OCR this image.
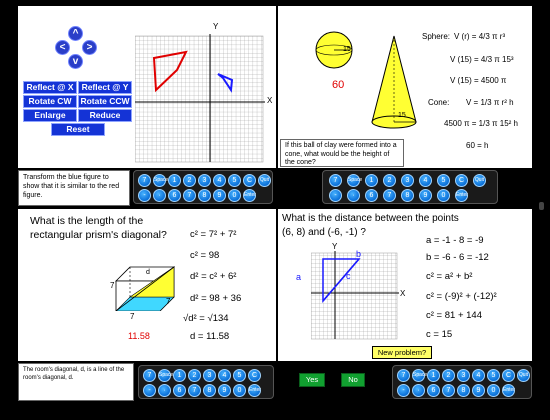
^
<	>
v
Reflect @ X Reflect @ Y
Rotate CW	Rotate CCW
Enlarge	Reduce
Reset
X
Y
15
60
15
Sphere: V (r) = 4/3 π r³
V (15) = 4/3 π 15³
V (15) = 4500 π
Cone: V = 1/3 π r² h
4500 π = 1/3 π 15² h
60 = h
If this ball of clay were formed into a cone, what would be the height of the cone?
Transform the blue figure to show that it is similar to the red figure.
7	Space 1	2	3	4	5	C	Quit
-	·	6	7	8	9	0	Enter
7	Space	1	2	3	4	5	C	Quit
-	·	6	7	8	9	0	Enter
What is the length of the
rectangular prism's diagonal?
d
7
7
7
11.58
c² = 7² + 7²
c² = 98
d² = c² + 6²
d² = 98 + 36
√d² = √134
d = 11.58
What is the distance between the points
(6, 8) and (-6, -1) ?
a
b
c
X
Y
a = -1 - 8 = -9
b = -6 - 6 = -12
c² = a² + b²
c² = (-9)² + (-12)²
c² = 81 + 144
c = 15
New problem?
The room's diagonal, d, is a line of the room's diagonal, d.	7	Space 1	2	3	4	5	C
-	·	6	7	8	9	0	Enter
Yes	No	7	Space 1	2	3	4	5	C	Quit
-	·	6	7	8	9	0	Enter
